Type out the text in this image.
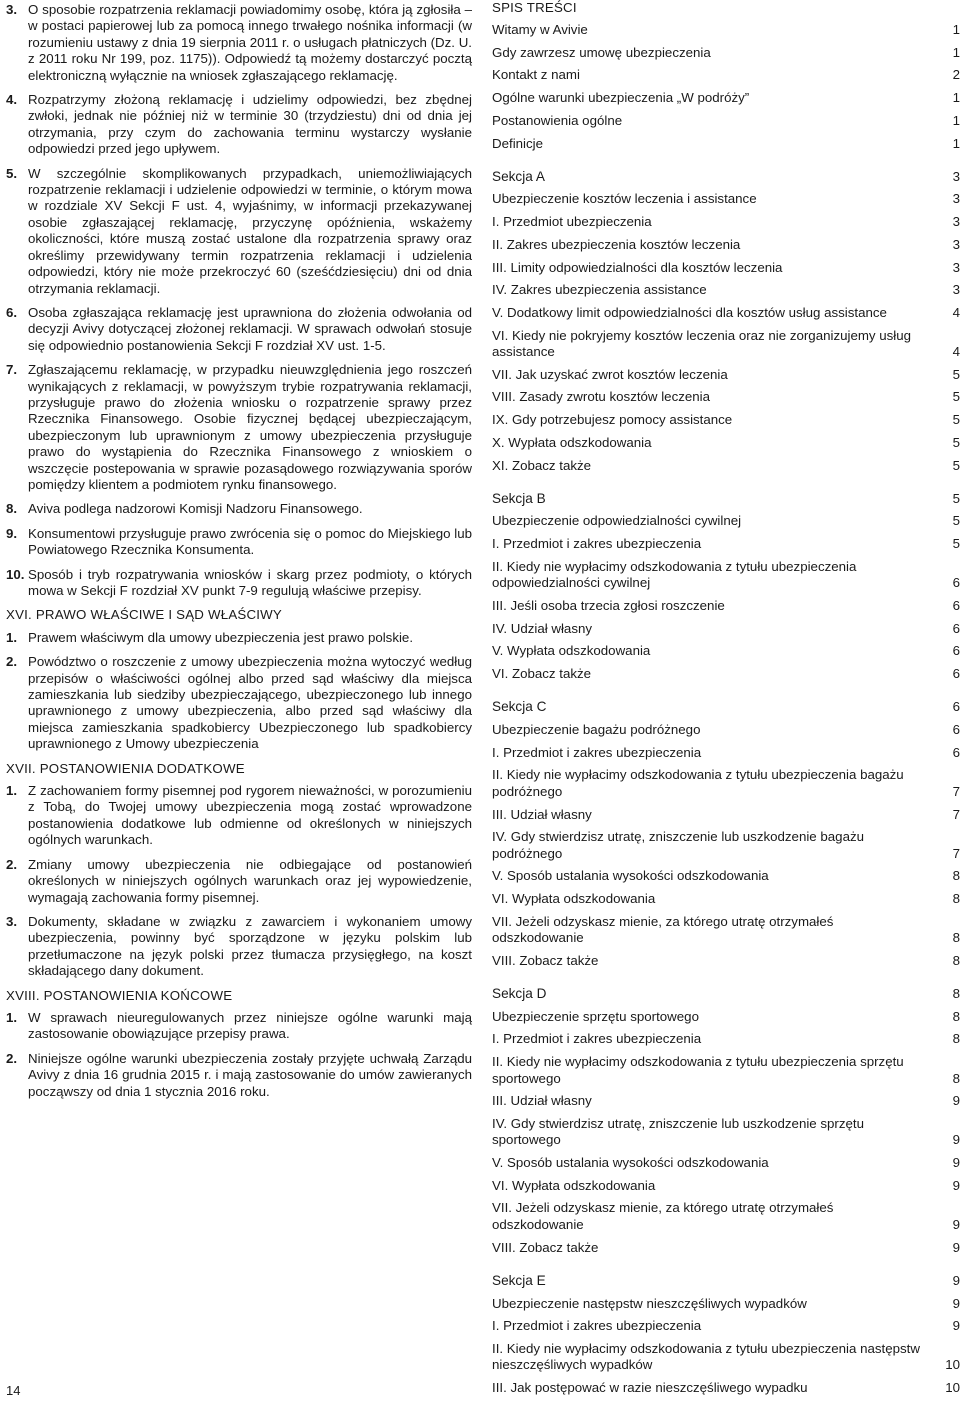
3. O sposobie rozpatrzenia reklamacji powiadomimy osobę, która ją zgłosiła – w postaci papierowej lub za pomocą innego trwałego nośnika informacji (w rozumieniu ustawy z dnia 19 sierpnia 2011 r. o usługach płatniczych (Dz. U. z 2011 roku Nr 199, poz. 1175)). Odpowiedź tą możemy dostarczyć pocztą elektroniczną wyłącznie na wniosek zgłaszającego reklamację.
4. Rozpatrzymy złożoną reklamację i udzielimy odpowiedzi, bez zbędnej zwłoki, jednak nie później niż w terminie 30 (trzydziestu) dni od dnia jej otrzymania, przy czym do zachowania terminu wystarczy wysłanie odpowiedzi przed jego upływem.
5. W szczególnie skomplikowanych przypadkach, uniemożliwiających rozpatrzenie reklamacji i udzielenie odpowiedzi w terminie, o którym mowa w rozdziale XV Sekcji F ust. 4, wyjaśnimy, w informacji przekazywanej osobie zgłaszającej reklamację, przyczynę opóźnienia, wskażemy okoliczności, które muszą zostać ustalone dla rozpatrzenia sprawy oraz określimy przewidywany termin rozpatrzenia reklamacji i udzielenia odpowiedzi, który nie może przekroczyć 60 (sześćdziesięciu) dni od dnia otrzymania reklamacji.
6. Osoba zgłaszająca reklamację jest uprawniona do złożenia odwołania od decyzji Avivy dotyczącej złożonej reklamacji. W sprawach odwołań stosuje się odpowiednio postanowienia Sekcji F rozdział XV ust. 1-5.
7. Zgłaszającemu reklamację, w przypadku nieuwzględnienia jego roszczeń wynikających z reklamacji, w powyższym trybie rozpatrywania reklamacji, przysługuje prawo do złożenia wniosku o rozpatrzenie sprawy przez Rzecznika Finansowego. Osobie fizycznej będącej ubezpieczającym, ubezpieczonym lub uprawnionym z umowy ubezpieczenia przysługuje prawo do wystąpienia do Rzecznika Finansowego z wnioskiem o wszczęcie postepowania w sprawie pozasądowego rozwiązywania sporów pomiędzy klientem a podmiotem rynku finansowego.
8. Aviva podlega nadzorowi Komisji Nadzoru Finansowego.
9. Konsumentowi przysługuje prawo zwrócenia się o pomoc do Miejskiego lub Powiatowego Rzecznika Konsumenta.
10. Sposób i tryb rozpatrywania wniosków i skarg przez podmioty, o których mowa w Sekcji F rozdział XV punkt 7-9 regulują właściwe przepisy.
XVI. PRAWO WŁAŚCIWE I SĄD WŁAŚCIWY
1. Prawem właściwym dla umowy ubezpieczenia jest prawo polskie.
2. Powództwo o roszczenie z umowy ubezpieczenia można wytoczyć według przepisów o właściwości ogólnej albo przed sąd właściwy dla miejsca zamieszkania lub siedziby ubezpieczającego, ubezpieczonego lub innego uprawnionego z umowy ubezpieczenia, albo przed sąd właściwy dla miejsca zamieszkania spadkobiercy Ubezpieczonego lub spadkobiercy uprawnionego z Umowy ubezpieczenia
XVII. POSTANOWIENIA DODATKOWE
1. Z zachowaniem formy pisemnej pod rygorem nieważności, w porozumieniu z Tobą, do Twojej umowy ubezpieczenia mogą zostać wprowadzone postanowienia dodatkowe lub odmienne od określonych w niniejszych ogólnych warunkach.
2. Zmiany umowy ubezpieczenia nie odbiegające od postanowień określonych w niniejszych ogólnych warunkach oraz jej wypowiedzenie, wymagają zachowania formy pisemnej.
3. Dokumenty, składane w związku z zawarciem i wykonaniem umowy ubezpieczenia, powinny być sporządzone w języku polskim lub przetłumaczone na język polski przez tłumacza przysięgłego, na koszt składającego dany dokument.
XVIII. POSTANOWIENIA KOŃCOWE
1. W sprawach nieuregulowanych przez niniejsze ogólne warunki mają zastosowanie obowiązujące przepisy prawa.
2. Niniejsze ogólne warunki ubezpieczenia zostały przyjęte uchwałą Zarządu Avivy z dnia 16 grudnia 2015 r. i mają zastosowanie do umów zawieranych począwszy od dnia 1 stycznia 2016 roku.
14
SPIS TREŚCI
Witamy w Avivie	1
Gdy zawrzesz umowę ubezpieczenia	1
Kontakt z nami	2
Ogólne warunki ubezpieczenia „W podróży”	1
Postanowienia ogólne	1
Definicje	1
Sekcja A	3
Ubezpieczenie kosztów leczenia i assistance	3
I. Przedmiot ubezpieczenia	3
II. Zakres ubezpieczenia kosztów leczenia	3
III. Limity odpowiedzialności dla kosztów leczenia	3
IV. Zakres ubezpieczenia assistance	3
V. Dodatkowy limit odpowiedzialności dla kosztów usług assistance	4
VI. Kiedy nie pokryjemy kosztów leczenia oraz nie zorganizujemy usług assistance	4
VII. Jak uzyskać zwrot kosztów leczenia	5
VIII. Zasady zwrotu kosztów leczenia	5
IX. Gdy potrzebujesz pomocy assistance	5
X. Wypłata odszkodowania	5
XI. Zobacz także	5
Sekcja B	5
Ubezpieczenie odpowiedzialności cywilnej	5
I. Przedmiot i zakres ubezpieczenia	5
II. Kiedy nie wypłacimy odszkodowania z tytułu ubezpieczenia odpowiedzialności cywilnej	6
III. Jeśli osoba trzecia zgłosi roszczenie	6
IV. Udział własny	6
V. Wypłata odszkodowania	6
VI. Zobacz także	6
Sekcja C	6
Ubezpieczenie bagażu podróżnego	6
I. Przedmiot i zakres ubezpieczenia	6
II. Kiedy nie wypłacimy odszkodowania z tytułu ubezpieczenia bagażu podróżnego	7
III. Udział własny	7
IV. Gdy stwierdzisz utratę, zniszczenie lub uszkodzenie bagażu podróżnego	7
V. Sposób ustalania wysokości odszkodowania	8
VI. Wypłata odszkodowania	8
VII. Jeżeli odzyskasz mienie, za którego utratę otrzymałeś odszkodowanie	8
VIII. Zobacz także	8
Sekcja D	8
Ubezpieczenie sprzętu sportowego	8
I. Przedmiot i zakres ubezpieczenia	8
II. Kiedy nie wypłacimy odszkodowania z tytułu ubezpieczenia sprzętu sportowego	8
III. Udział własny	9
IV. Gdy stwierdzisz utratę, zniszczenie lub uszkodzenie sprzętu sportowego	9
V. Sposób ustalania wysokości odszkodowania	9
VI. Wypłata odszkodowania	9
VII. Jeżeli odzyskasz mienie, za którego utratę otrzymałeś odszkodowanie	9
VIII. Zobacz także	9
Sekcja E	9
Ubezpieczenie następstw nieszczęśliwych wypadków	9
I. Przedmiot i zakres ubezpieczenia	9
II. Kiedy nie wypłacimy odszkodowania z tytułu ubezpieczenia następstw nieszczęśliwych wypadków	10
III. Jak postępować w razie nieszczęśliwego wypadku	10
